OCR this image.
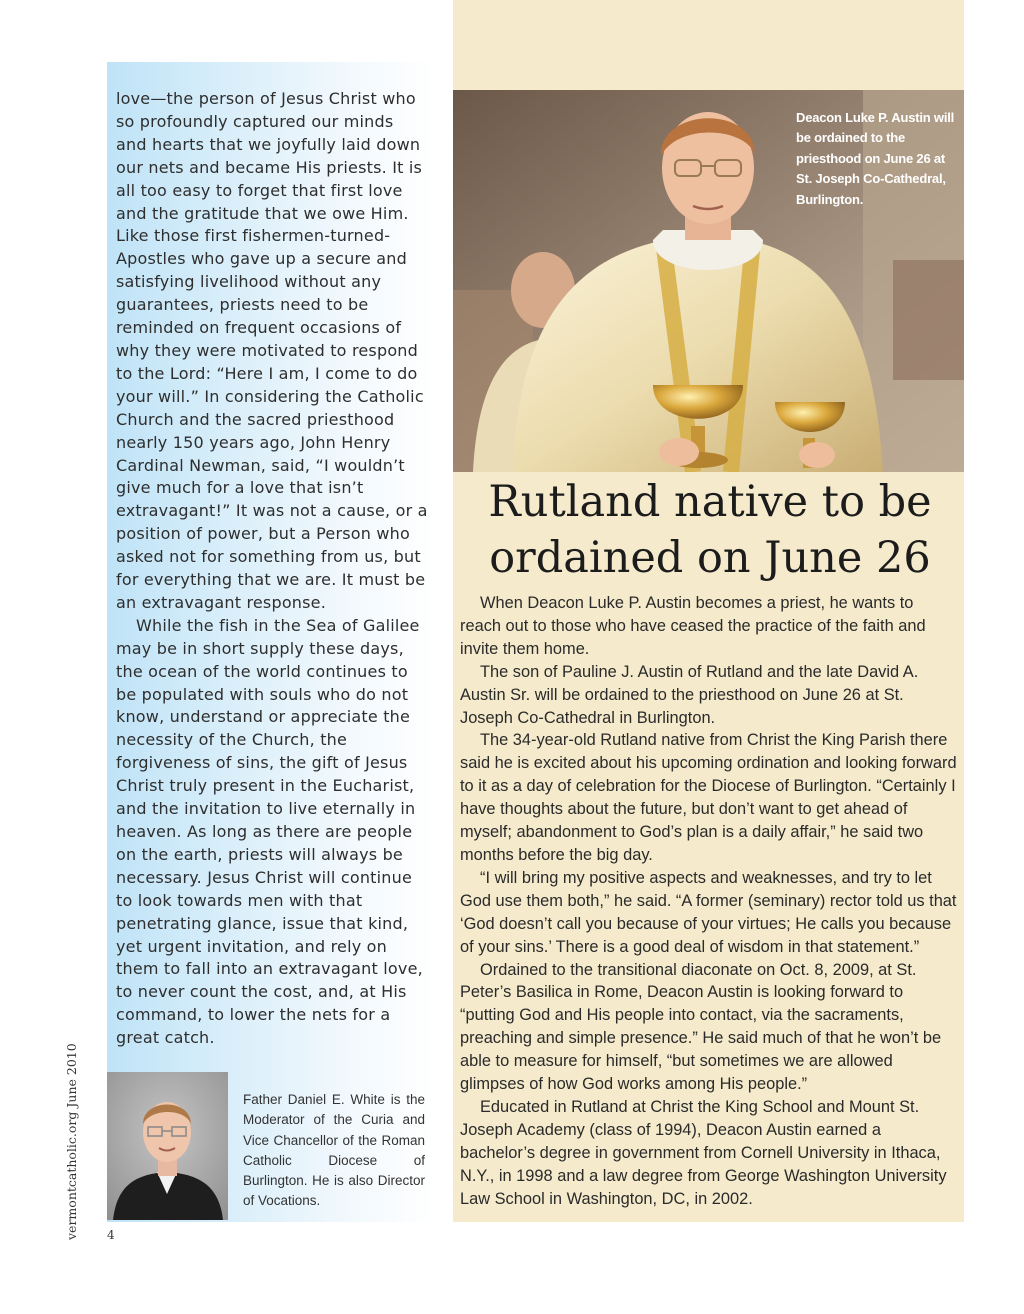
love—the person of Jesus Christ who so profoundly captured our minds and hearts that we joyfully laid down our nets and became His priests. It is all too easy to forget that first love and the gratitude that we owe Him. Like those first fishermen-turned-Apostles who gave up a secure and satisfying livelihood without any guarantees, priests need to be reminded on frequent occasions of why they were motivated to respond to the Lord: “Here I am, I come to do your will.” In considering the Catholic Church and the sacred priesthood nearly 150 years ago, John Henry Cardinal Newman, said, “I wouldn’t give much for a love that isn’t extravagant!” It was not a cause, or a position of power, but a Person who asked not for something from us, but for everything that we are. It must be an extravagant response.

While the fish in the Sea of Galilee may be in short supply these days, the ocean of the world continues to be populated with souls who do not know, understand or appreciate the necessity of the Church, the forgiveness of sins, the gift of Jesus Christ truly present in the Eucharist, and the invitation to live eternally in heaven. As long as there are people on the earth, priests will always be necessary. Jesus Christ will continue to look towards men with that penetrating glance, issue that kind, yet urgent invitation, and rely on them to fall into an extravagant love, to never count the cost, and, at His command, to lower the nets for a great catch.

Father Daniel E. White is the Moderator of the Curia and Vice Chancellor of the Roman Catholic Diocese of Burlington. He is also Director of Vocations.
vermontcatholic.org June 2010 4
Deacon Luke P. Austin will be ordained to the priesthood on June 26 at St. Joseph Co-Cathedral, Burlington.
Rutland native to be ordained on June 26

When Deacon Luke P. Austin becomes a priest, he wants to reach out to those who have ceased the practice of the faith and invite them home.

The son of Pauline J. Austin of Rutland and the late David A. Austin Sr. will be ordained to the priesthood on June 26 at St. Joseph Co-Cathedral in Burlington.

The 34-year-old Rutland native from Christ the King Parish there said he is excited about his upcoming ordination and looking forward to it as a day of celebration for the Diocese of Burlington. “Certainly I have thoughts about the future, but don’t want to get ahead of myself; abandonment to God’s plan is a daily affair,” he said two months before the big day.

“I will bring my positive aspects and weaknesses, and try to let God use them both,” he said. “A former (seminary) rector told us that ‘God doesn’t call you because of your virtues; He calls you because of your sins.’ There is a good deal of wisdom in that statement.”

Ordained to the transitional diaconate on Oct. 8, 2009, at St. Peter’s Basilica in Rome, Deacon Austin is looking forward to “putting God and His people into contact, via the sacraments, preaching and simple presence.” He said much of that he won’t be able to measure for himself, “but sometimes we are allowed glimpses of how God works among His people.”

Educated in Rutland at Christ the King School and Mount St. Joseph Academy (class of 1994), Deacon Austin earned a bachelor’s degree in government from Cornell University in Ithaca, N.Y., in 1998 and a law degree from George Washington University Law School in Washington, DC, in 2002.
